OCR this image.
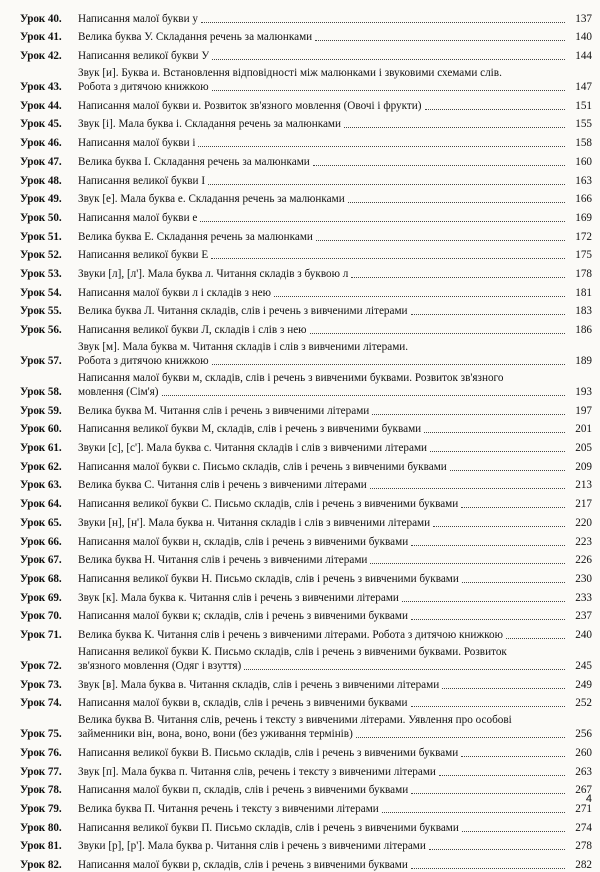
Урок 40.	Написання малої букви у	137
Урок 41.	Велика буква У. Складання речень за малюнками	140
Урок 42.	Написання великої букви У	144
Урок 43.
Звук [и]. Буква и. Встановлення відповідності між малюнками і звуковими схемами слів.
Робота з дитячою книжкою	147
Урок 44.	Написання малої букви и. Розвиток зв'язного мовлення (Овочі і фрукти)	151
Урок 45.	Звук [і]. Мала буква і. Складання речень за малюнками	155
Урок 46.	Написання малої букви і	158
Урок 47.	Велика буква І. Складання речень за малюнками	160
Урок 48.	Написання великої букви І	163
Урок 49.	Звук [е]. Мала буква е. Складання речень за малюнками	166
Урок 50.	Написання малої букви е	169
Урок 51.	Велика буква Е. Складання речень за малюнками	172
Урок 52.	Написання великої букви Е	175
Урок 53.	Звуки [л], [л']. Мала буква л. Читання складів з буквою л	178
Урок 54.	Написання малої букви л і складів з нею	181
Урок 55.	Велика буква Л. Читання складів, слів і речень з вивченими літерами	183
Урок 56.	Написання великої букви Л, складів і слів з нею	186
Урок 57.
Звук [м]. Мала буква м. Читання складів і слів з вивченими літерами.
Робота з дитячою книжкою	189
Урок 58.
Написання малої букви м, складів, слів і речень з вивченими буквами. Розвиток зв'язного
мовлення (Сім'я)	193
Урок 59.	Велика буква М. Читання слів і речень з вивченими літерами	197
Урок 60.	Написання великої букви М, складів, слів і речень з вивченими буквами	201
Урок 61.	Звуки [с], [с']. Мала буква с. Читання складів і слів з вивченими літерами	205
Урок 62.	Написання малої букви с. Письмо складів, слів і речень з вивченими буквами	209
Урок 63.	Велика буква С. Читання слів і речень з вивченими літерами	213
Урок 64.	Написання великої букви С. Письмо складів, слів і речень з вивченими буквами	217
Урок 65.	Звуки [н], [н']. Мала буква н. Читання складів і слів з вивченими літерами	220
Урок 66.	Написання малої букви н, складів, слів і речень з вивченими буквами	223
Урок 67.	Велика буква Н. Читання слів і речень з вивченими літерами	226
Урок 68.	Написання великої букви Н. Письмо складів, слів і речень з вивченими буквами	230
Урок 69.	Звук [к]. Мала буква к. Читання слів і речень з вивченими літерами	233
Урок 70.	Написання малої букви к; складів, слів і речень з вивченими буквами	237
Урок 71.	Велика буква К. Читання слів і речень з вивченими літерами. Робота з дитячою книжкою	240
Урок 72.
Написання великої букви К. Письмо складів, слів і речень з вивченими буквами. Розвиток
зв'язного мовлення (Одяг і взуття)	245
Урок 73.	Звук [в]. Мала буква в. Читання складів, слів і речень з вивченими літерами	249
Урок 74.	Написання малої букви в, складів, слів і речень з вивченими буквами	252
Урок 75.
Велика буква В. Читання слів, речень і тексту з вивченими літерами. Уявлення про особові
займенники він, вона, воно, вони (без уживання термінів)	256
Урок 76.	Написання великої букви В. Письмо складів, слів і речень з вивченими буквами	260
Урок 77.	Звук [п]. Мала буква п. Читання слів, речень і тексту з вивченими літерами	263
Урок 78.	Написання малої букви п, складів, слів і речень з вивченими буквами	267
Урок 79.	Велика буква П. Читання речень і тексту з вивченими літерами	271
Урок 80.	Написання великої букви П. Письмо складів, слів і речень з вивченими буквами	274
Урок 81.	Звуки [р], [р']. Мала буква р. Читання слів і речень з вивченими літерами	278
Урок 82.	Написання малої букви р, складів, слів і речень з вивченими буквами	282
4
